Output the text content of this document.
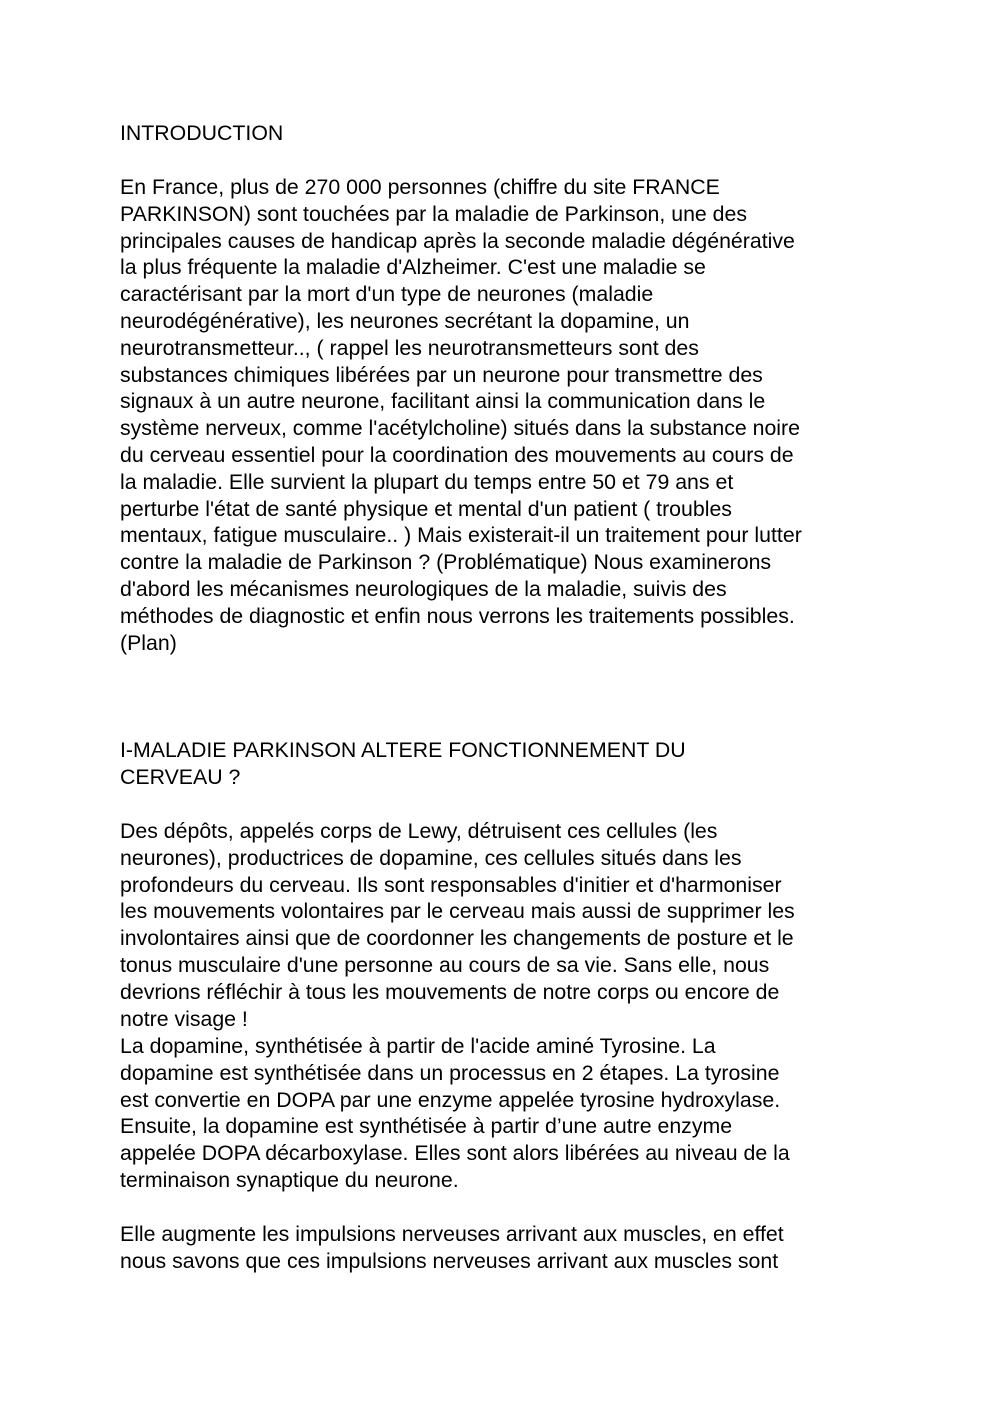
INTRODUCTION

En France, plus de 270 000 personnes (chiffre du site FRANCE
PARKINSON) sont touchées par la maladie de Parkinson, une des
principales causes de handicap après la seconde maladie dégénérative
la plus fréquente la maladie d'Alzheimer. C'est une maladie se
caractérisant par la mort d'un type de neurones (maladie
neurodégénérative), les neurones secrétant la dopamine, un
neurotransmetteur.., ( rappel les neurotransmetteurs sont des
substances chimiques libérées par un neurone pour transmettre des
signaux à un autre neurone, facilitant ainsi la communication dans le
système nerveux, comme l'acétylcholine) situés dans la substance noire
du cerveau essentiel pour la coordination des mouvements au cours de
la maladie. Elle survient la plupart du temps entre 50 et 79 ans et
perturbe l'état de santé physique et mental d'un patient ( troubles
mentaux, fatigue musculaire.. ) Mais existerait-il un traitement pour lutter
contre la maladie de Parkinson ? (Problématique) Nous examinerons
d'abord les mécanismes neurologiques de la maladie, suivis des
méthodes de diagnostic et enfin nous verrons les traitements possibles.
(Plan)

I-MALADIE PARKINSON ALTERE FONCTIONNEMENT DU
CERVEAU ?

Des dépôts, appelés corps de Lewy, détruisent ces cellules (les
neurones), productrices de dopamine, ces cellules situés dans les
profondeurs du cerveau. Ils sont responsables d'initier et d'harmoniser
les mouvements volontaires par le cerveau mais aussi de supprimer les
involontaires ainsi que de coordonner les changements de posture et le
tonus musculaire d'une personne au cours de sa vie. Sans elle, nous
devrions réfléchir à tous les mouvements de notre corps ou encore de
notre visage !

La dopamine, synthétisée à partir de l'acide aminé Tyrosine. La
dopamine est synthétisée dans un processus en 2 étapes. La tyrosine
est convertie en DOPA par une enzyme appelée tyrosine hydroxylase.
Ensuite, la dopamine est synthétisée à partir d’une autre enzyme
appelée DOPA décarboxylase. Elles sont alors libérées au niveau de la
terminaison synaptique du neurone.

Elle augmente les impulsions nerveuses arrivant aux muscles, en effet
nous savons que ces impulsions nerveuses arrivant aux muscles sont
